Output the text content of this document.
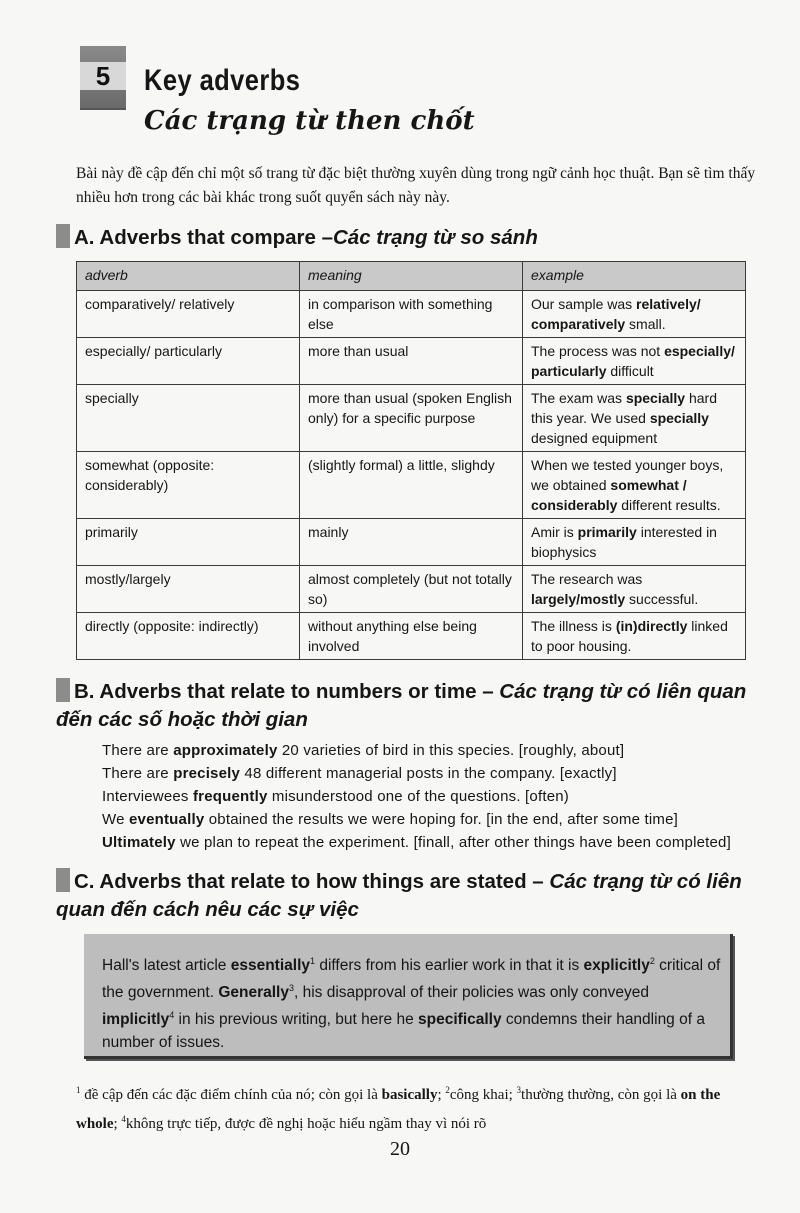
5	Key adverbs
Các trạng từ then chốt

Bài này đề cập đến chỉ một số trang từ đặc biệt thường xuyên dùng trong ngữ cảnh học thuật. Bạn sẽ tìm thấy nhiều hơn trong các bài khác trong suốt quyển sách này này.

A. Adverbs that compare –Các trạng từ so sánh
adverb	meaning	example
comparatively/ relatively	in comparison with something else	Our sample was relatively/ comparatively small.
especially/ particularly	more than usual	The process was not especially/ particularly difficult
specially	more than usual (spoken English only) for a specific purpose	The exam was specially hard this year. We used specially designed equipment
somewhat (opposite: considerably)	(slightly formal) a little, slighdy	When we tested younger boys, we obtained somewhat / considerably different results.
primarily	mainly	Amir is primarily interested in biophysics
mostly/largely	almost completely (but not totally so)	The research was largely/mostly successful.
directly (opposite: indirectly)	without anything else being involved	The illness is (in)directly linked to poor housing.
B. Adverbs that relate to numbers or time – Các trạng từ có liên quan đến các số hoặc thời gian
There are approximately 20 varieties of bird in this species. [roughly, about]
There are precisely 48 different managerial posts in the company. [exactly]
Interviewees frequently misunderstood one of the questions. [often)
We eventually obtained the results we were hoping for. [in the end, after some time]
Ultimately we plan to repeat the experiment. [finall, after other things have been completed]
C. Adverbs that relate to how things are stated – Các trạng từ có liên quan đến cách nêu các sự việc

Hall's latest article essentially$^1$ differs from his earlier work in that it is explicitly$^2$ critical of the government. Generally$^3$, his disapproval of their policies was only conveyed implicitly$^4$ in his previous writing, but here he specifically condemns their handling of a number of issues.

$^1$ đề cập đến các đặc điểm chính của nó; còn gọi là basically; $^2$công khai; $^3$thường thường, còn gọi là on the whole; $^4$không trực tiếp, được đề nghị hoặc hiểu ngầm thay vì nói rõ

20
